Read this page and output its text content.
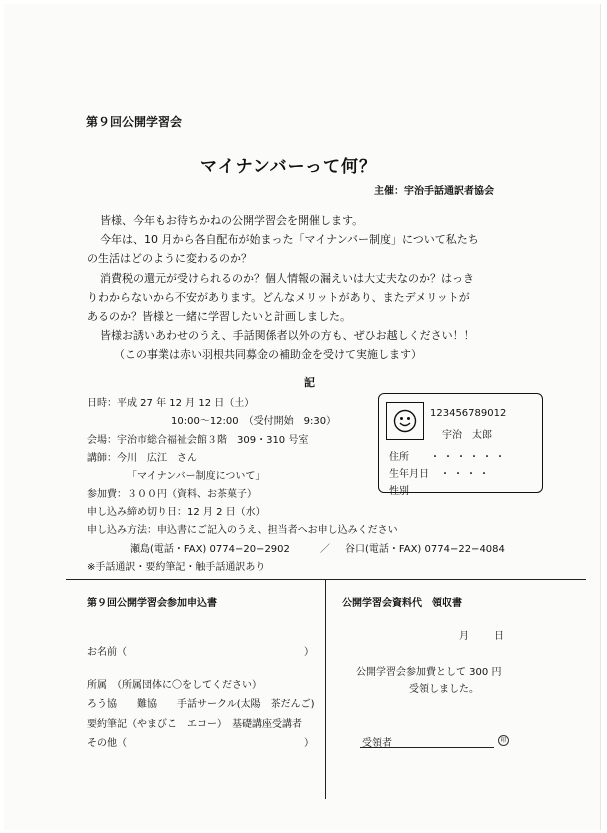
第９回公開学習会
マイナンバーって何？
主催：宇治手話通訳者協会
皆様、今年もお待ちかねの公開学習会を開催します。
今年は、10 月から各自配布が始まった「マイナンバー制度」について私たち
の生活はどのように変わるのか？
消費税の還元が受けられるのか？個人情報の漏えいは大丈夫なのか？はっき
りわからないから不安があります。どんなメリットがあり、またデメリットが
あるのか？皆様と一緒に学習したいと計画しました。
皆様お誘いあわせのうえ、手話関係者以外の方も、ぜひお越しください！！
（この事業は赤い羽根共同募金の補助金を受けて実施します）
記
日時：平成 27 年 12 月 12 日（土）
10:00〜12:00　（受付開始　9:30）
会場：宇治市総合福祉会館３階　309・310 号室
講師：今川　広江　さん
「マイナンバー制度について」
参加費：３００円（資料、お茶菓子）
申し込み締め切り日：12 月 2 日（水）
申し込み方法：申込書にご記入のうえ、担当者へお申し込みください
瀬島(電話・FAX) 0774−20−2902	／ 谷口(電話・FAX) 0774−22−4084
※手話通訳・要約筆記・触手話通訳あり
123456789012
宇治　太郎
住所 ・・・・・・
生年月日 ・・・・
性別
第９回公開学習会参加申込書
お名前（	）
所属　（所属団体に〇をしてください）
ろう協　　難協　　手話サークル(太陽　茶だんご)
要約筆記（やまびこ　エコー）　基礎講座受講者
その他（	）
公開学習会資料代　領収書
月	日
公開学習会参加費として 300 円
受領しました。
受領者	印
